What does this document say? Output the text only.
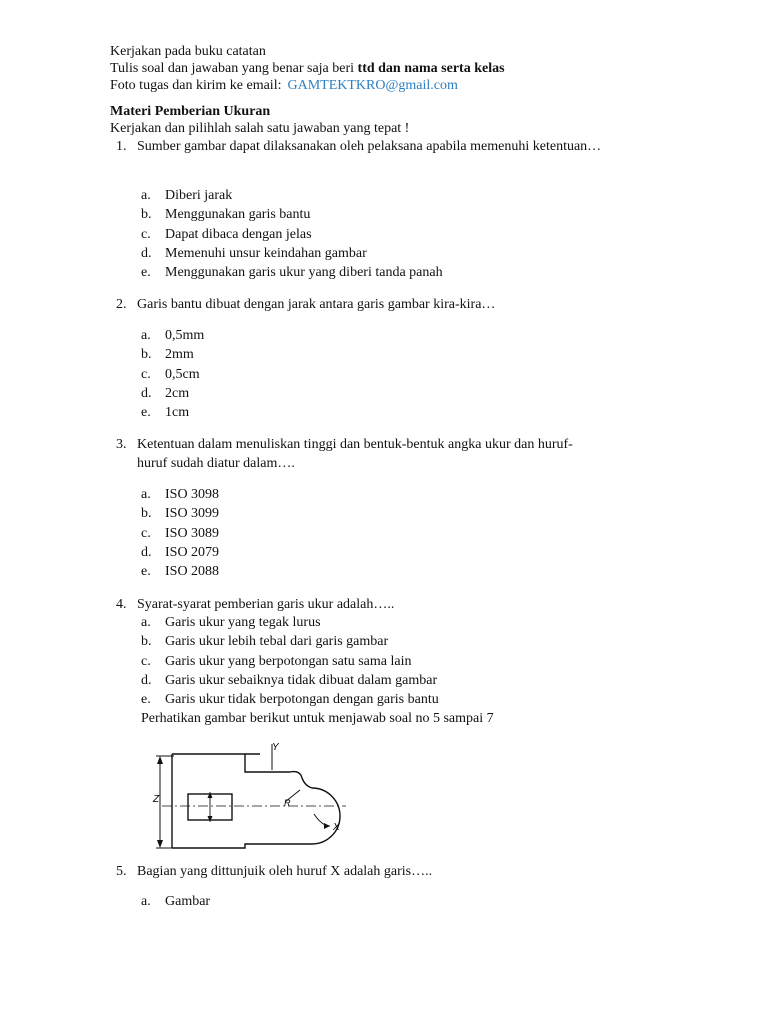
Kerjakan pada buku catatan
Tulis soal dan jawaban yang benar saja beri ttd dan nama serta kelas
Foto tugas dan kirim ke email: GAMTEKTKRO@gmail.com
Materi Pemberian Ukuran
Kerjakan dan pilihlah salah satu jawaban yang tepat !
1. Sumber gambar dapat dilaksanakan oleh pelaksana apabila memenuhi ketentuan…
a. Diberi jarak
b. Menggunakan garis bantu
c. Dapat dibaca dengan jelas
d. Memenuhi unsur keindahan gambar
e. Menggunakan garis ukur yang diberi tanda panah
2. Garis bantu dibuat dengan jarak antara garis gambar kira-kira…
a. 0,5mm
b. 2mm
c. 0,5cm
d. 2cm
e. 1cm
3. Ketentuan dalam menuliskan tinggi dan bentuk-bentuk angka ukur dan huruf-
huruf sudah diatur dalam….
a. ISO 3098
b. ISO 3099
c. ISO 3089
d. ISO 2079
e. ISO 2088
4. Syarat-syarat pemberian garis ukur adalah…..
a. Garis ukur yang tegak lurus
b. Garis ukur lebih tebal dari garis gambar
c. Garis ukur yang berpotongan satu sama lain
d. Garis ukur sebaiknya tidak dibuat dalam gambar
e. Garis ukur tidak berpotongan dengan garis bantu
Perhatikan gambar berikut untuk menjawab soal no 5 sampai 7
Y
Z
X
R
5. Bagian yang dittunjuik oleh huruf X adalah garis…..
a. Gambar
